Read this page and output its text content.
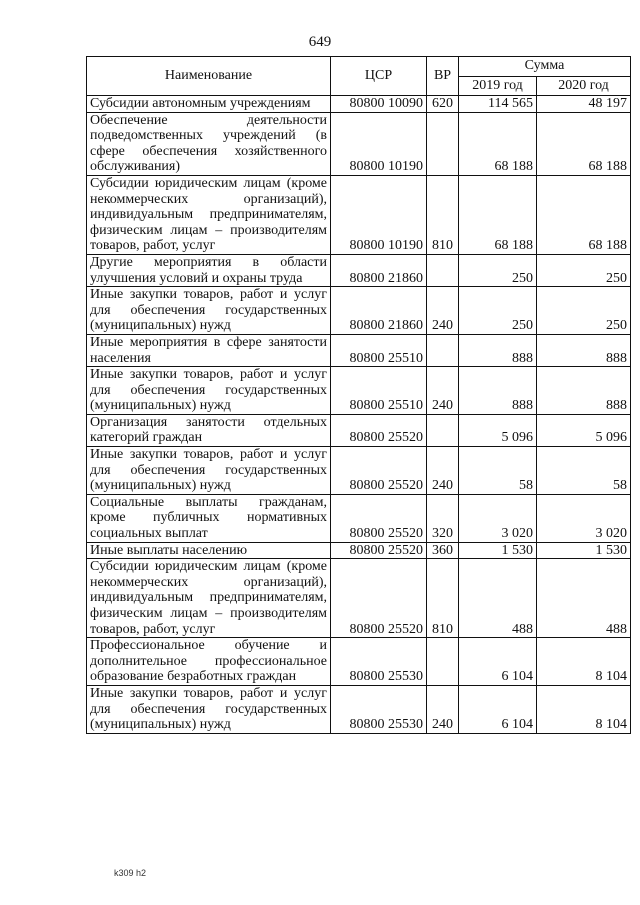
649
Наименование	ЦСР	ВР	Сумма	
			2019 год	2020 год
Субсидии автономным учреждениям	80800 10090	620	114 565	48 197
Обеспечение деятельности подведомственных учреждений (в сфере обеспечения хозяйственного обслуживания)	80800 10190		68 188	68 188
Субсидии юридическим лицам (кроме некоммерческих организаций), индивидуальным предпринимателям, физическим лицам – производителям товаров, работ, услуг	80800 10190	810	68 188	68 188
Другие мероприятия в области улучшения условий и охраны труда	80800 21860		250	250
Иные закупки товаров, работ и услуг для обеспечения государственных (муниципальных) нужд	80800 21860	240	250	250
Иные мероприятия в сфере занятости населения	80800 25510		888	888
Иные закупки товаров, работ и услуг для обеспечения государственных (муниципальных) нужд	80800 25510	240	888	888
Организация занятости отдельных категорий граждан	80800 25520		5 096	5 096
Иные закупки товаров, работ и услуг для обеспечения государственных (муниципальных) нужд	80800 25520	240	58	58
Социальные выплаты гражданам, кроме публичных нормативных социальных выплат	80800 25520	320	3 020	3 020
Иные выплаты населению	80800 25520	360	1 530	1 530
Субсидии юридическим лицам (кроме некоммерческих организаций), индивидуальным предпринимателям, физическим лицам – производителям товаров, работ, услуг	80800 25520	810	488	488
Профессиональное обучение и дополнительное профессиональное образование безработных граждан	80800 25530		6 104	8 104
Иные закупки товаров, работ и услуг для обеспечения государственных (муниципальных) нужд	80800 25530	240	6 104	8 104
k309 h2
